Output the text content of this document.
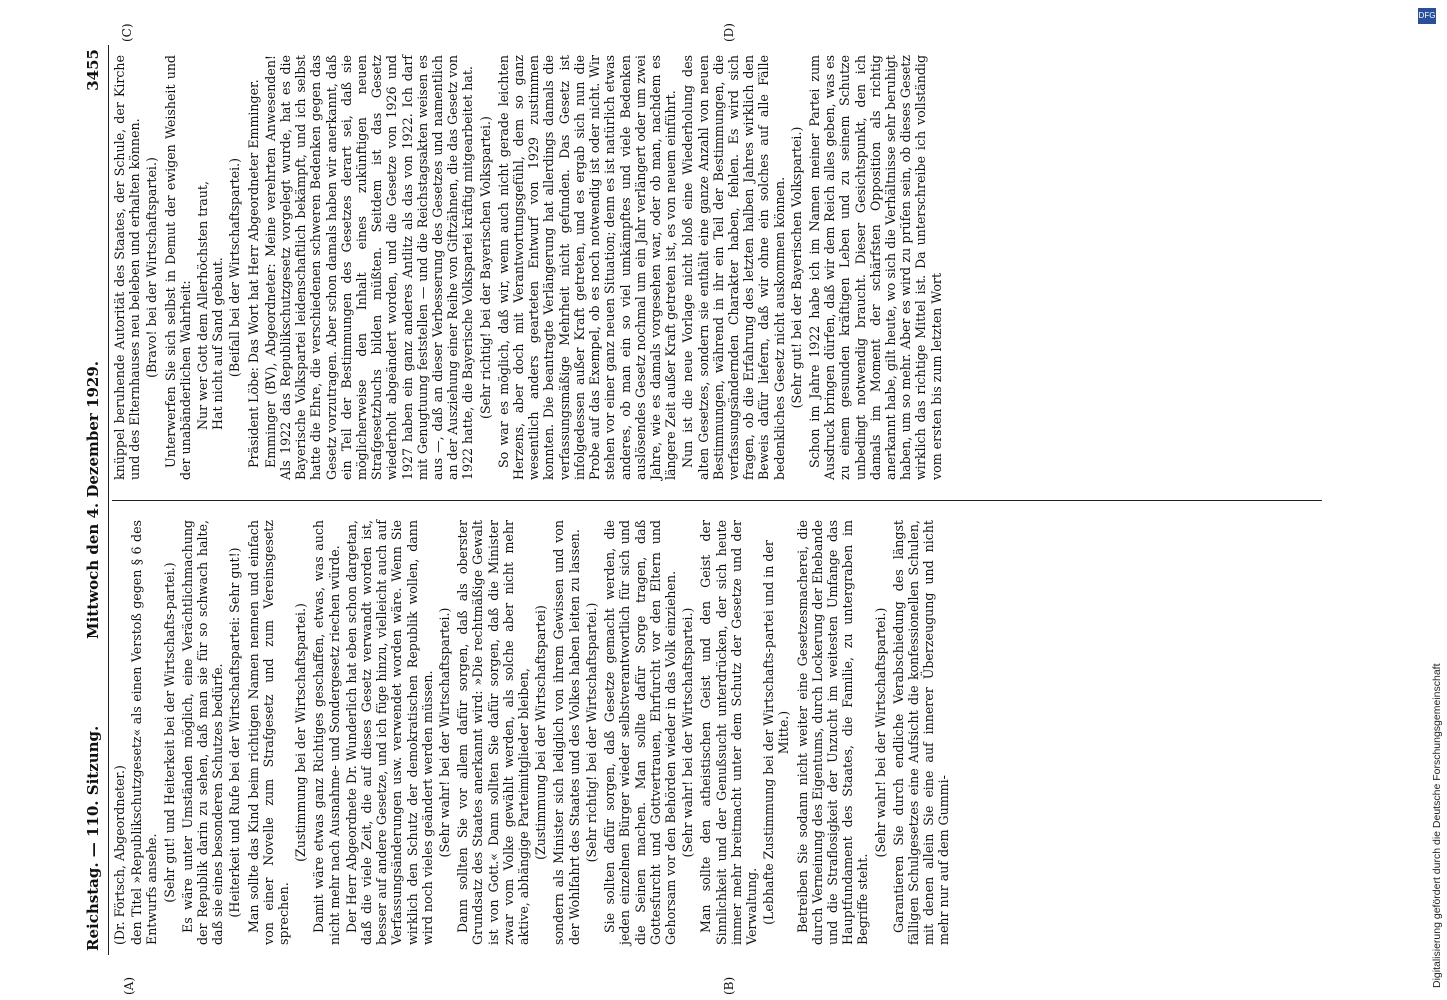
Reichstag. — 110. Sitzung.
Mittwoch den 4. Dezember 1929.
3455
(A)	(B)
(C)	(D)
(Dr. Förtsch, Abgeordneter.) den Titel »Republikschutzgesetz« als einen Verstoß gegen § 6 des Entwurfs ansehe. (Sehr gut! und Heiterkeit bei der Wirtschafts-partei.) Es wäre unter Umständen möglich, eine Verächtlichmachung der Republik darin zu sehen, daß man sie für so schwach halte, daß sie eines besonderen Schutzes bedürfe. (Heiterkeit und Rufe bei der Wirtschaftspartei: Sehr gut!) Man sollte das Kind beim richtigen Namen nennen und einfach von einer Novelle zum Strafgesetz und zum Vereinsgesetz sprechen.
(Zustimmung bei der Wirtschaftspartei.) Damit wäre etwas ganz Richtiges geschaffen, etwas, was auch nicht mehr nach Ausnahme- und Sondergesetz riechen würde. Der Herr Abgeordnete Dr. Wunderlich hat eben schon dargetan, daß die viele Zeit, die auf dieses Gesetz verwandt worden ist, besser auf andere Gesetze, und ich füge hinzu, vielleicht auch auf Verfassungsänderungen usw. verwendet worden wäre. Wenn Sie wirklich den Schutz der demokratischen Republik wollen, dann wird noch vieles geändert werden müssen. (Sehr wahr! bei der Wirtschaftspartei.) Dann sollten Sie vor allem dafür sorgen, daß als oberster Grundsatz des Staates anerkannt wird: »Die rechtmäßige Gewalt ist von Gott.« Dann sollten Sie dafür sorgen, daß die Minister zwar vom Volke gewählt werden, als solche aber nicht mehr aktive, abhängige Parteimitglieder bleiben, (Zustimmung bei der Wirtschaftspartei) sondern als Minister sich lediglich von ihrem Gewissen und von der Wohlfahrt des Staates und des Volkes haben leiten zu lassen. (Sehr richtig! bei der Wirtschaftspartei.) Sie sollten dafür sorgen, daß Gesetze gemacht werden, die jeden einzelnen Bürger wieder selbstverantwortlich für sich und die Seinen machen. Man sollte dafür Sorge tragen, daß Gottesfurcht und Gottvertrauen, Ehrfurcht vor den Eltern und Gehorsam vor den Behörden wieder in das Volk einziehen. (Sehr wahr! bei der Wirtschaftspartei.) Man sollte den atheistischen Geist und den Geist der Sinnlichkeit und der Genußsucht unterdrücken, der sich heute immer mehr breitmacht unter dem Schutz der Gesetze und der Verwaltung. (Lebhafte Zustimmung bei der Wirtschafts-partei und in der Mitte.) Betreiben Sie sodann nicht weiter eine Gesetzesmacherei, die durch Verneinung des Eigentums, durch Lockerung der Ehebande und die Straflosigkeit der Unzucht im weitesten Umfange das Hauptfundament des Staates, die Familie, zu untergraben im Begriffe steht.
(Sehr wahr! bei der Wirtschaftspartei.) Garantieren Sie durch endliche Verabschiedung des längst fälligen Schulgesetzes eine Aufsicht die konfessionellen Schulen, mit denen allein Sie eine auf innerer Überzeugung und nicht mehr nur auf dem Gummi-
knüppel beruhende Autorität des Staates, der Schule, der Kirche und des Elternhauses neu beleben und erhalten können. (Bravo! bei der Wirtschaftspartei.) Unterwerfen Sie sich selbst in Demut der ewigen Weisheit und der unabänderlichen Wahrheit: Nur wer Gott dem Allerhöchsten traut, Hat nicht auf Sand gebaut. (Beifall bei der Wirtschaftspartei.) Präsident Löbe: Das Wort hat Herr Abgeordneter Emminger. Emminger (BV), Abgeordneter: Meine verehrten Anwesenden! Als 1922 das Republikschutzgesetz vorgelegt wurde, hat es die Bayerische Volkspartei leidenschaftlich bekämpft, und ich selbst hatte die Ehre, die verschiedenen schweren Bedenken gegen das Gesetz vorzutragen. Aber schon damals haben wir anerkannt, daß ein Teil der Bestimmungen des Gesetzes derart sei, daß sie möglicherweise den Inhalt eines zukünftigen neuen Strafgesetzbuchs bilden müßten. Seitdem ist das Gesetz wiederholt abgeändert worden, und die Gesetze von 1926 und 1927 haben ein ganz anderes Antlitz als das von 1922. Ich darf mit Genugtuung feststellen — und die Reichstagsakten weisen es aus —, daß an dieser Verbesserung des Gesetzes und namentlich an der Ausziehung einer Reihe von Giftzähnen, die das Gesetz von 1922 hatte, die Bayerische Volkspartei kräftig mitgearbeitet hat. (Sehr richtig! bei der Bayerischen Volkspartei.) So war es möglich, daß wir, wenn auch nicht gerade leichten Herzens, aber doch mit Verantwortungsgefühl, dem so ganz wesentlich anders gearteten Entwurf von 1929 zustimmen konnten. Die beantragte Verlängerung hat allerdings damals die verfassungsmäßige Mehrheit nicht gefunden. Das Gesetz ist infolgedessen außer Kraft getreten, und es ergab sich nun die Probe auf das Exempel, ob es noch notwendig ist oder nicht. Wir stehen vor einer ganz neuen Situation; denn es ist natürlich etwas anderes, ob man ein so viel umkämpftes und viele Bedenken auslösendes Gesetz nochmal um ein Jahr verlängert oder um zwei Jahre, wie es damals vorgesehen war, oder ob man, nachdem es längere Zeit außer Kraft getreten ist, es von neuem einführt. Nun ist die neue Vorlage nicht bloß eine Wiederholung des alten Gesetzes, sondern sie enthält eine ganze Anzahl von neuen Bestimmungen, während in ihr ein Teil der Bestimmungen, die verfassungsändernden Charakter haben, fehlen. Es wird sich fragen, ob die Erfahrung des letzten halben Jahres wirklich den Beweis dafür liefern, daß wir ohne ein solches auf alle Fälle bedenkliches Gesetz nicht auskommen können. (Sehr gut! bei der Bayerischen Volkspartei.) Schon im Jahre 1922 habe ich im Namen meiner Partei zum Ausdruck bringen dürfen, daß wir dem Reich alles geben, was es zu einem gesunden kräftigen Leben und zu seinem Schutze unbedingt notwendig braucht. Dieser Gesichtspunkt, den ich damals im Moment der schärfsten Opposition als richtig anerkannt habe, gilt heute, wo sich die Verhältnisse sehr beruhigt haben, um so mehr. Aber es wird zu prüfen sein, ob dieses Gesetz wirklich das richtige Mittel ist. Da unterschreibe ich vollständig vom ersten bis zum letzten Wort
DFG
Digitalisierung gefördert durch die Deutsche Forschungsgemeinschaft
